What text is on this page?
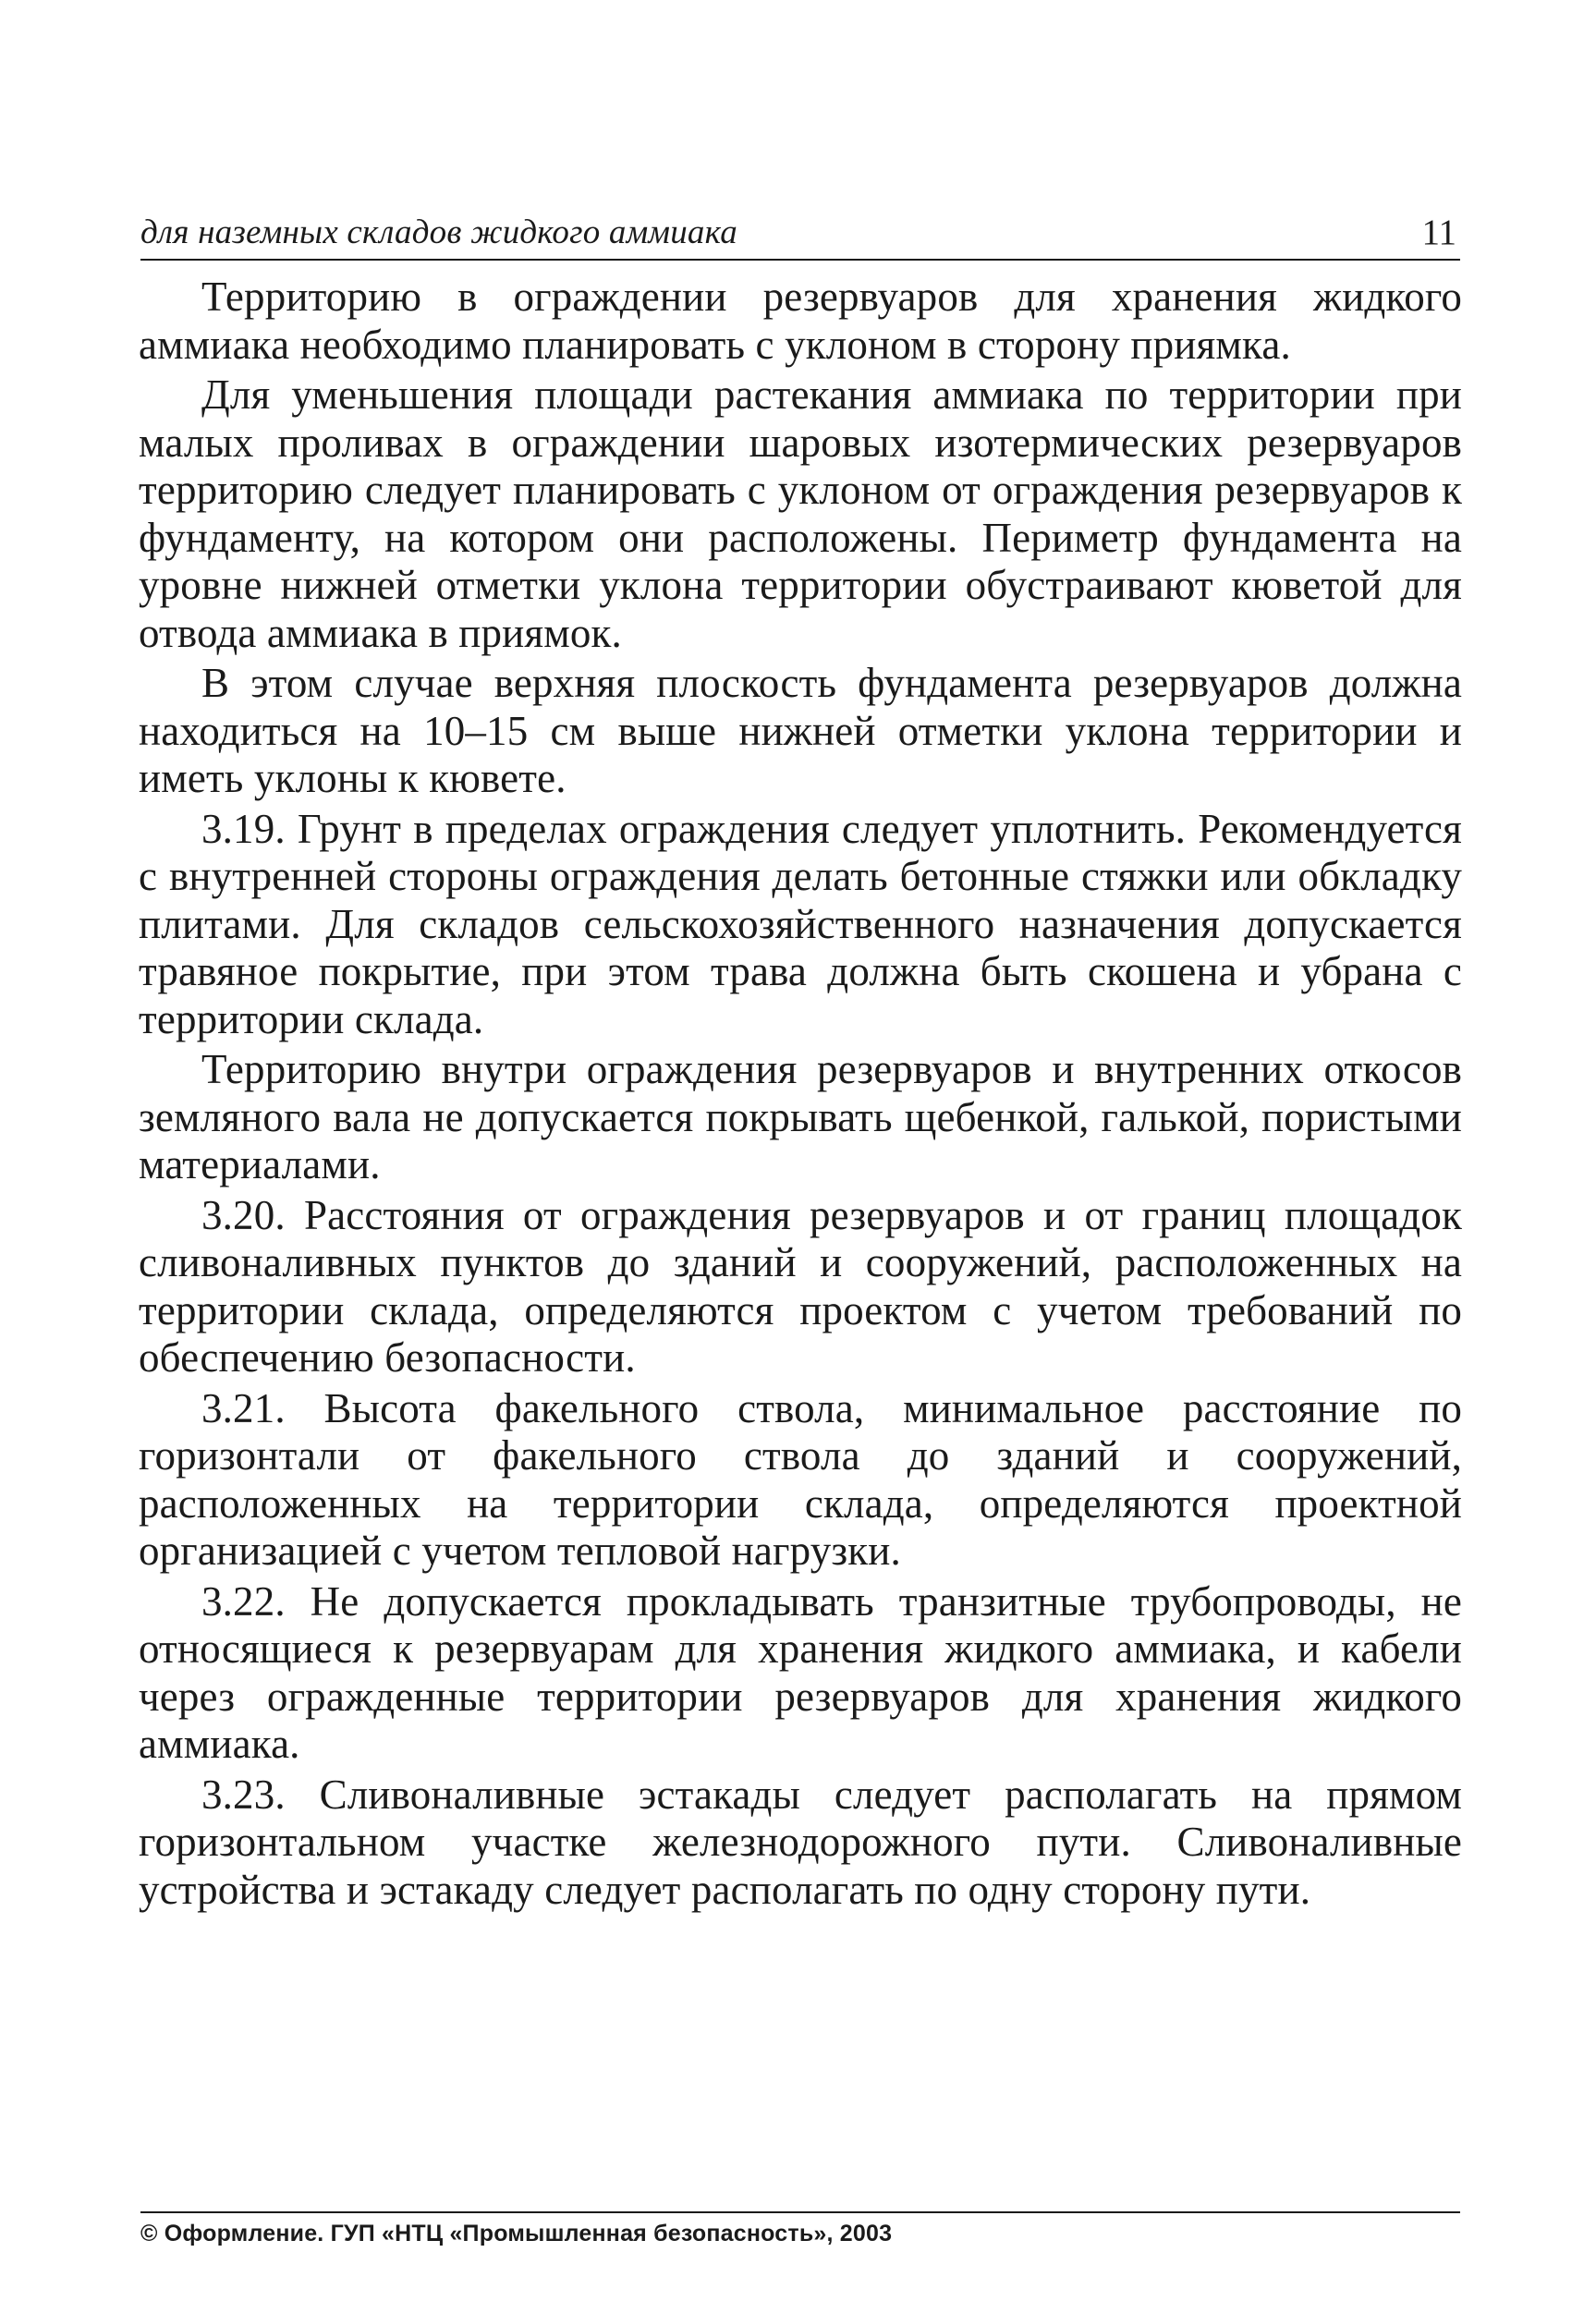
для наземных складов жидкого аммиака	11

Территорию в ограждении резервуаров для хранения жидкого аммиака необходимо планировать с уклоном в сторону приямка.

Для уменьшения площади растекания аммиака по территории при малых проливах в ограждении шаровых изотермических резервуаров территорию следует планировать с уклоном от ограждения резервуаров к фундаменту, на котором они расположены. Периметр фундамента на уровне нижней отметки уклона территории обустраивают кюветой для отвода аммиака в приямок.

В этом случае верхняя плоскость фундамента резервуаров должна находиться на 10–15 см выше нижней отметки уклона территории и иметь уклоны к кювете.

3.19. Грунт в пределах ограждения следует уплотнить. Рекомендуется с внутренней стороны ограждения делать бетонные стяжки или обкладку плитами. Для складов сельскохозяйственного назначения допускается травяное покрытие, при этом трава должна быть скошена и убрана с территории склада.

Территорию внутри ограждения резервуаров и внутренних откосов земляного вала не допускается покрывать щебенкой, галькой, пористыми материалами.

3.20. Расстояния от ограждения резервуаров и от границ площадок сливоналивных пунктов до зданий и сооружений, расположенных на территории склада, определяются проектом с учетом требований по обеспечению безопасности.

3.21. Высота факельного ствола, минимальное расстояние по горизонтали от факельного ствола до зданий и сооружений, расположенных на территории склада, определяются проектной организацией с учетом тепловой нагрузки.

3.22. Не допускается прокладывать транзитные трубопроводы, не относящиеся к резервуарам для хранения жидкого аммиака, и кабели через огражденные территории резервуаров для хранения жидкого аммиака.

3.23. Сливоналивные эстакады следует располагать на прямом горизонтальном участке железнодорожного пути. Сливоналивные устройства и эстакаду следует располагать по одну сторону пути.

© Оформление. ГУП «НТЦ «Промышленная безопасность», 2003
